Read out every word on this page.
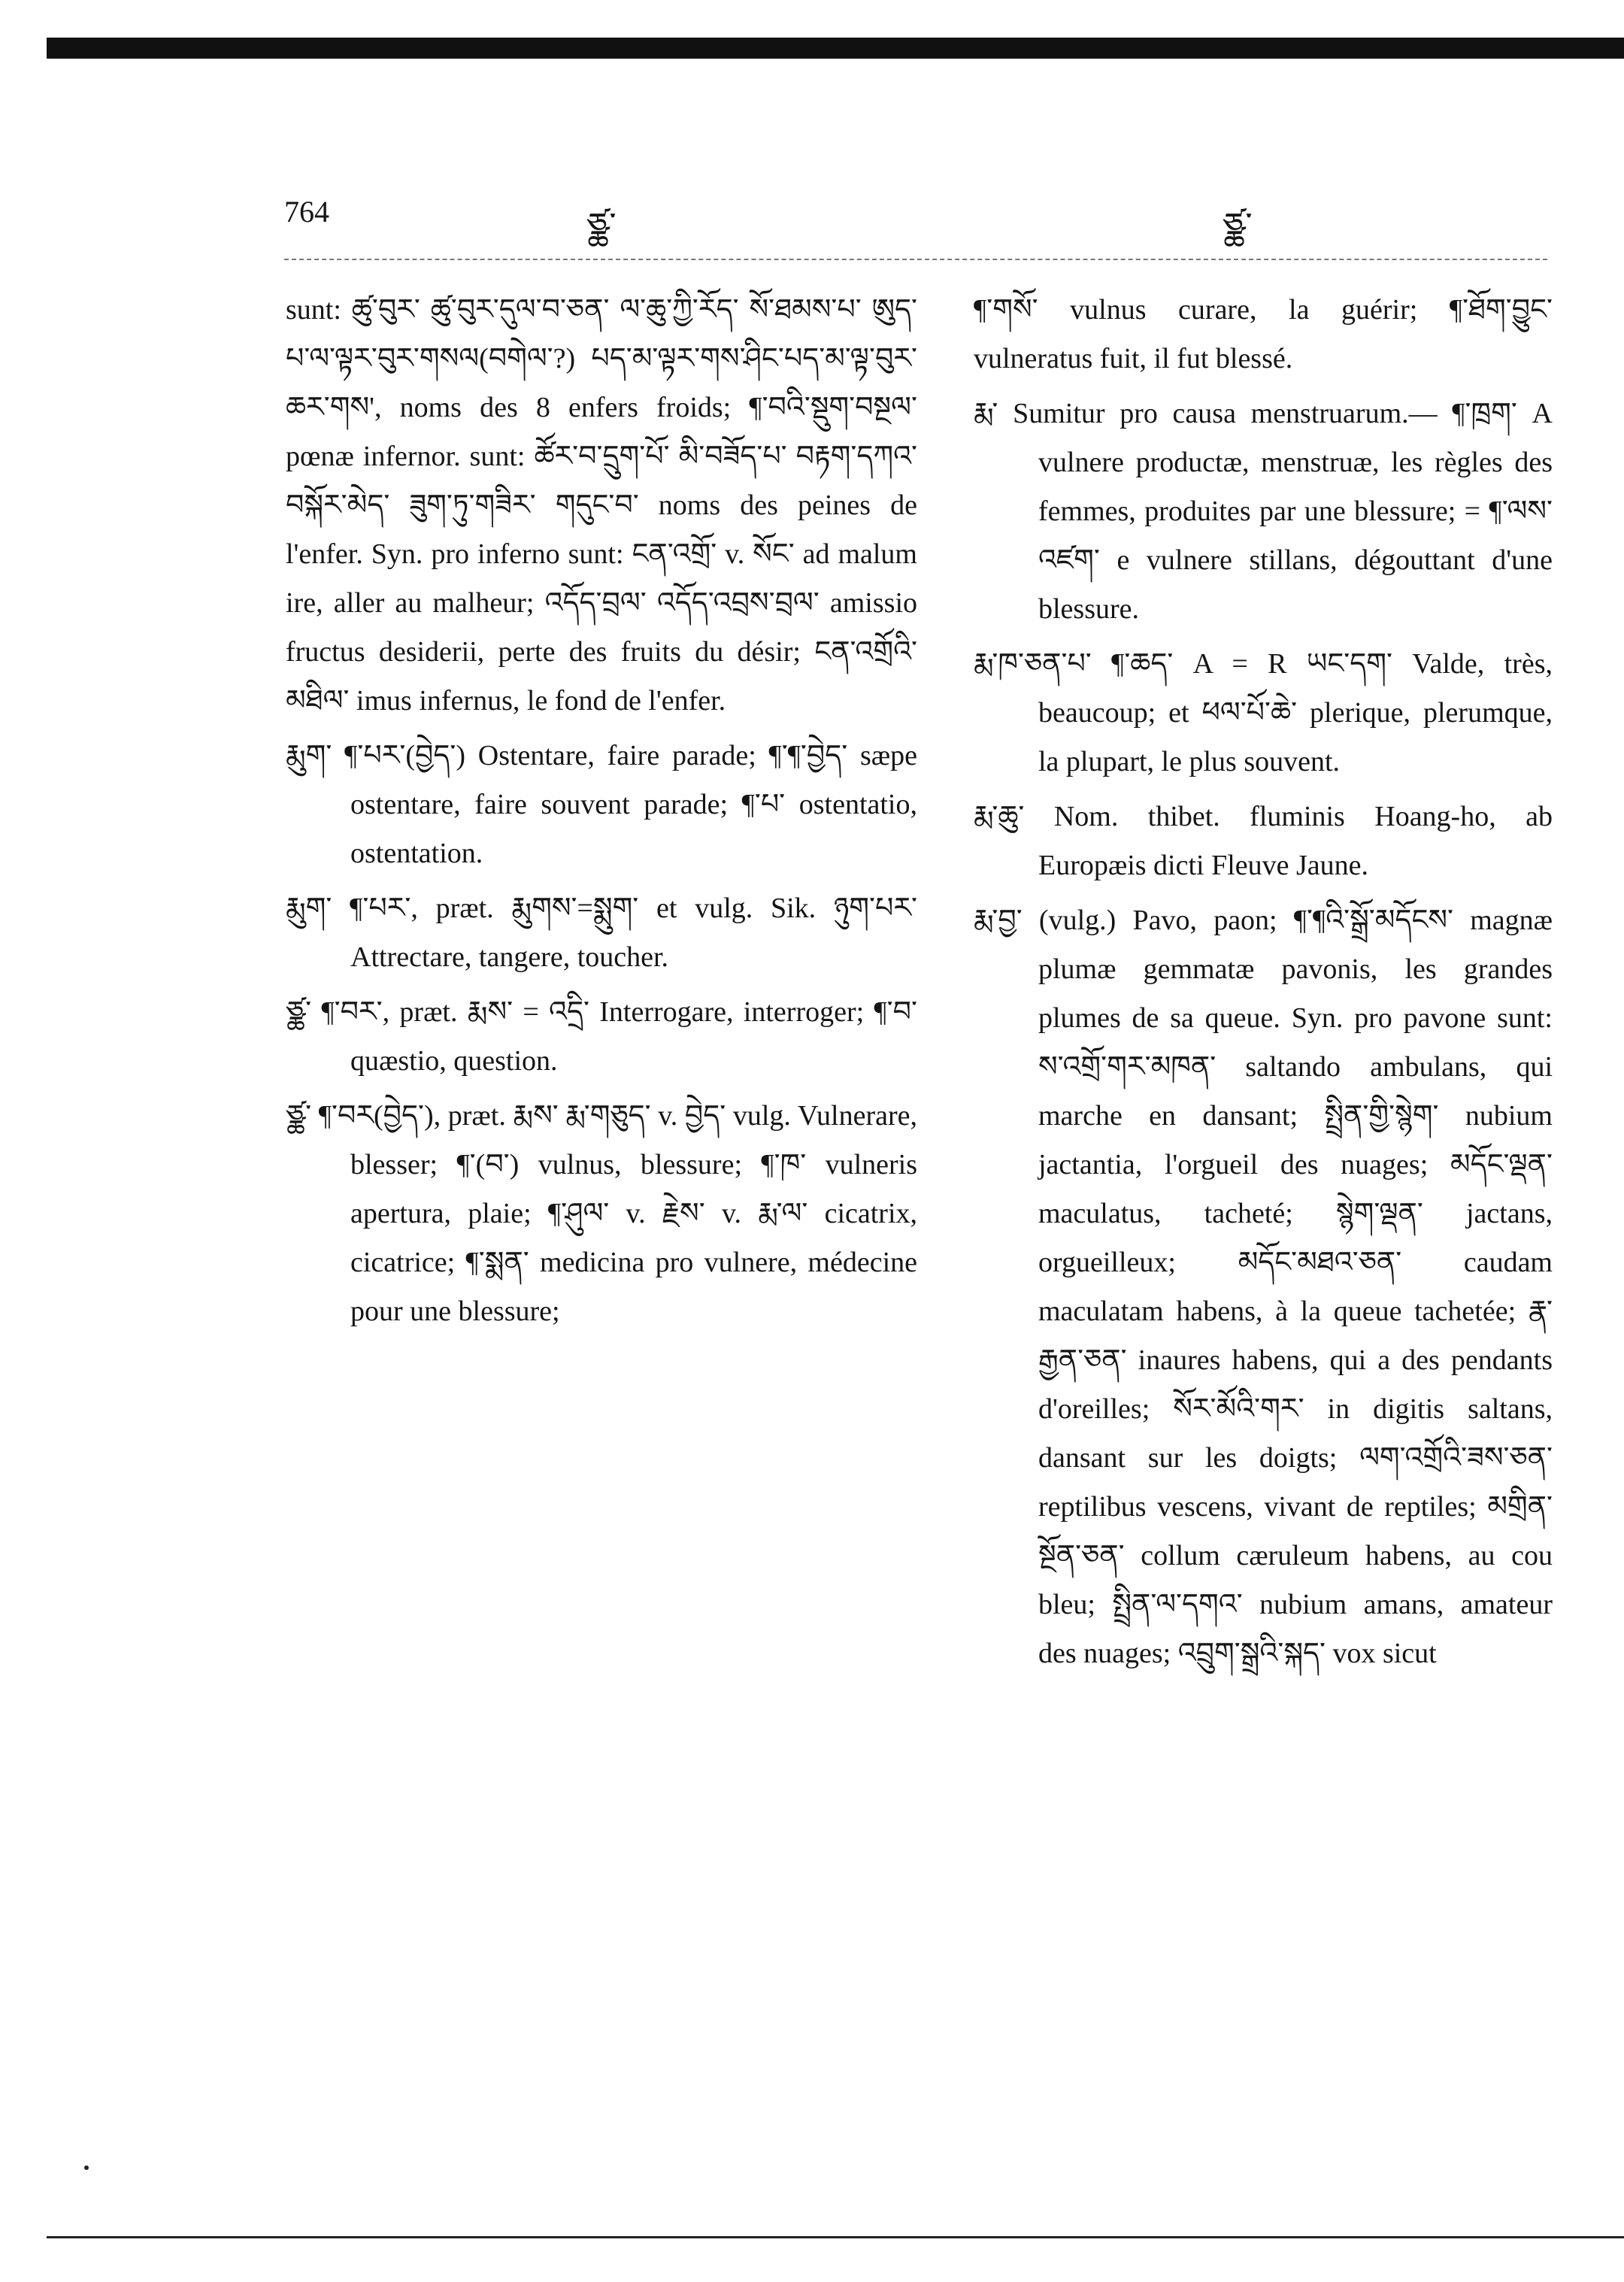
764	ཙྪ་	ཙྪ་

sunt: ཚུ་བུར་ ཚུ་བུར་དུལ་བ་ཅན་ ལ་ཆུ་ཀྱི་རོད་ སོ་ཐམས་པ་ ཨུད་པ་ལ་ལྟར་བུར་གསལ(བགེལ་?) པད་མ་ལྟར་གས་ཤིང་པད་མ་ལྟ་བུར་ཆར་གས', noms des 8 enfers froids; ¶་བའི་སྡུག་བསྔལ་ pœnæ infernor. sunt: ཚོར་བ་དྲུག་པོ་ མི་བཟོད་པ་ བརྟག་དཀའ་ བསྐོར་མེད་ ཟུག་ཏུ་གཟིར་ གདུང་བ་ noms des peines de l'enfer. Syn. pro inferno sunt: ངན་འགྲོ་ v. སོང་ ad malum ire, aller au malheur; འདོད་བྲལ་ འདོད་འབྲས་བྲལ་ amissio fructus desiderii, perte des fruits du désir; ངན་འགྲོའི་མཐིལ་ imus infernus, le fond de l'enfer.

རྨུག་ ¶་པར་(བྱེད་) Ostentare, faire parade; ¶་¶་བྱེད་ sæpe ostentare, faire souvent parade; ¶་པ་ ostentatio, ostentation.

རྨུག་ ¶་པར་, præt. རྨུགས་=སྨུག་ et vulg. Sik. ཉུག་པར་ Attrectare, tangere, toucher.

ཙྪ་ ¶་བར་, præt. རྨས་ = འདྲི་ Interrogare, interroger; ¶་བ་ quæstio, question.

ཙྪ་ ¶་བར(བྱེད་), præt. རྨས་ རྨ་གཅུད་ v. བྱེད་ vulg. Vulnerare, blesser; ¶་(བ་) vulnus, blessure; ¶་ཁ་ vulneris apertura, plaie; ¶་ཤུལ་ v. རྗེས་ v. རྨ་ལ་ cicatrix, cicatrice; ¶་སྨན་ medicina pro vulnere, médecine pour une blessure;

¶་གསོ་ vulnus curare, la guérir; ¶་ཐོག་བྱུང་ vulneratus fuit, il fut blessé.

རྨ་ Sumitur pro causa menstruarum.— ¶་ཁྲག་ A vulnere productæ, menstruæ, les règles des femmes, produites par une blessure; = ¶་ལས་འཛག་ e vulnere stillans, dégouttant d'une blessure.

རྨ་ཁ་ཅན་པ་ ¶་ཆད་ A = R ཡང་དག་ Valde, très, beaucoup; et ཕལ་པོ་ཆེ་ plerique, plerumque, la plupart, le plus souvent.

རྨ་ཆུ་ Nom. thibet. fluminis Hoang-ho, ab Europæis dicti Fleuve Jaune.

རྨ་བྱ་ (vulg.) Pavo, paon; ¶་¶འི་སྒྲོ་མདོངས་ magnæ plumæ gemmatæ pavonis, les grandes plumes de sa queue. Syn. pro pavone sunt: ས་འགྲོ་གར་མཁན་ saltando ambulans, qui marche en dansant; སྤྲིན་གྱི་སྙེག་ nubium jactantia, l'orgueil des nuages; མདོང་ལྡན་ maculatus, tacheté; སྙེག་ལྡན་ jactans, orgueilleux; མདོང་མཐའ་ཅན་ caudam maculatam habens, à la queue tachetée; རྣ་རྒྱན་ཅན་ inaures habens, qui a des pendants d'oreilles; སོར་མོའི་གར་ in digitis saltans, dansant sur les doigts; ལག་འགྲོའི་ཟས་ཅན་ reptilibus vescens, vivant de reptiles; མགྲིན་སྔོན་ཅན་ collum cæruleum habens, au cou bleu; སྤྲིན་ལ་དགའ་ nubium amans, amateur des nuages; འབྲུག་སྒྲའི་སྐད་ vox sicut
